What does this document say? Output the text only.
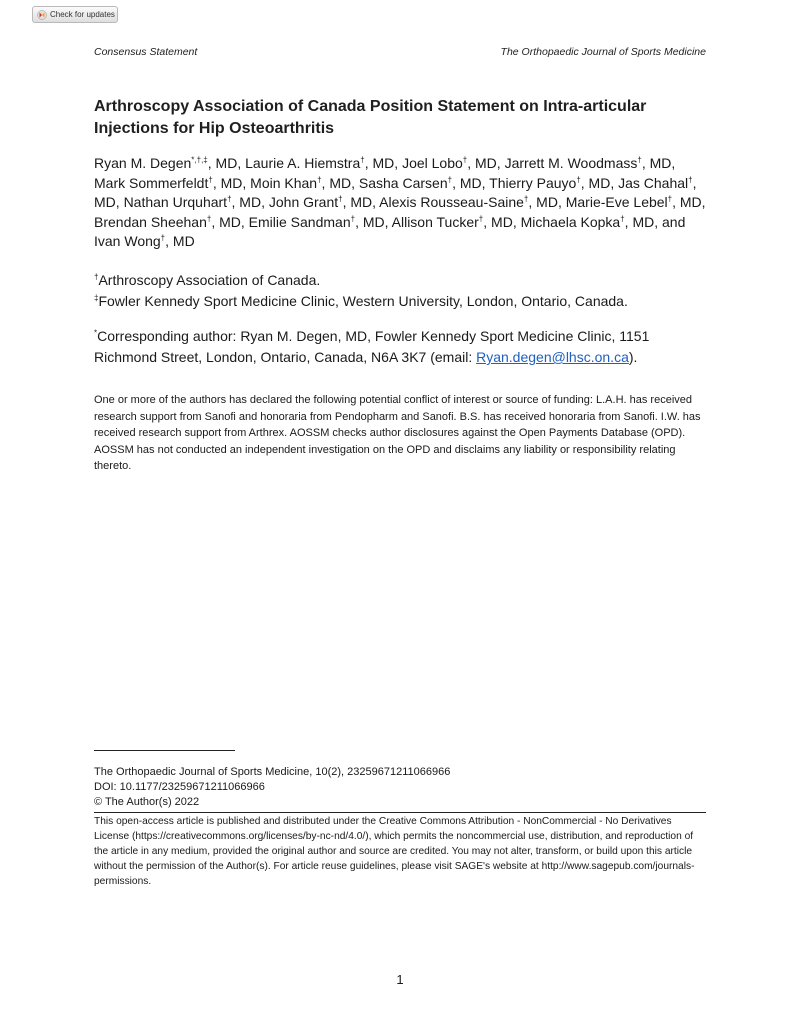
Check for updates
Consensus Statement	The Orthopaedic Journal of Sports Medicine
Arthroscopy Association of Canada Position Statement on Intra-articular Injections for Hip Osteoarthritis

Ryan M. Degen*,†,‡, MD, Laurie A. Hiemstra†, MD, Joel Lobo†, MD, Jarrett M. Woodmass†, MD, Mark Sommerfeldt†, MD, Moin Khan†, MD, Sasha Carsen†, MD, Thierry Pauyo†, MD, Jas Chahal†, MD, Nathan Urquhart†, MD, John Grant†, MD, Alexis Rousseau-Saine†, MD, Marie-Eve Lebel†, MD, Brendan Sheehan†, MD, Emilie Sandman†, MD, Allison Tucker†, MD, Michaela Kopka†, MD, and Ivan Wong†, MD

†Arthroscopy Association of Canada.
‡Fowler Kennedy Sport Medicine Clinic, Western University, London, Ontario, Canada.

*Corresponding author: Ryan M. Degen, MD, Fowler Kennedy Sport Medicine Clinic, 1151 Richmond Street, London, Ontario, Canada, N6A 3K7 (email: Ryan.degen@lhsc.on.ca).

One or more of the authors has declared the following potential conflict of interest or source of funding: L.A.H. has received research support from Sanofi and honoraria from Pendopharm and Sanofi. B.S. has received honoraria from Sanofi. I.W. has received research support from Arthrex. AOSSM checks author disclosures against the Open Payments Database (OPD). AOSSM has not conducted an independent investigation on the OPD and disclaims any liability or responsibility relating thereto.

The Orthopaedic Journal of Sports Medicine, 10(2), 23259671211066966
DOI: 10.1177/23259671211066966
© The Author(s) 2022

This open-access article is published and distributed under the Creative Commons Attribution - NonCommercial - No Derivatives License (https://creativecommons.org/licenses/by-nc-nd/4.0/), which permits the noncommercial use, distribution, and reproduction of the article in any medium, provided the original author and source are credited. You may not alter, transform, or build upon this article without the permission of the Author(s). For article reuse guidelines, please visit SAGE's website at http://www.sagepub.com/journals-permissions.

1
